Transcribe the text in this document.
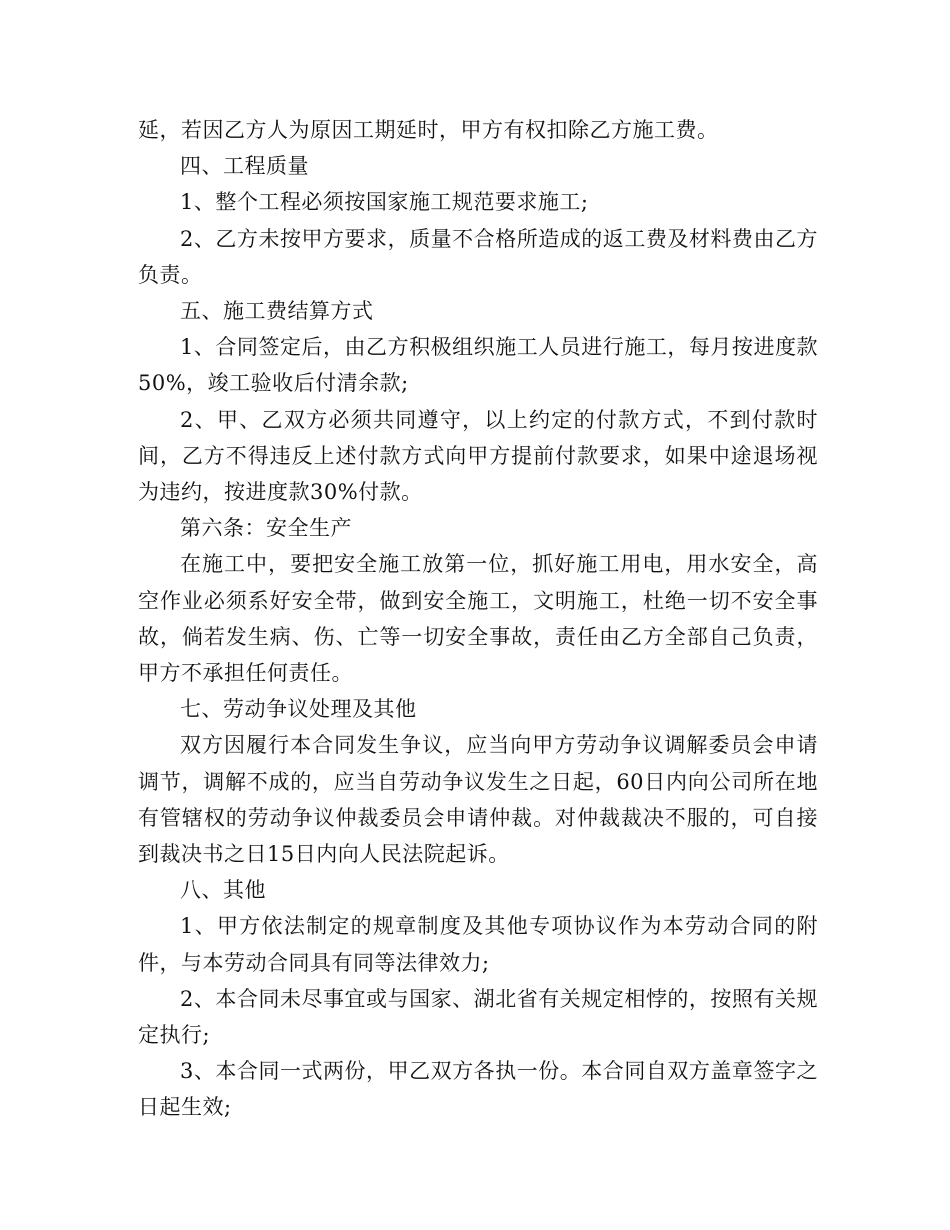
延，若因乙方人为原因工期延时，甲方有权扣除乙方施工费。

四、工程质量

1、整个工程必须按国家施工规范要求施工;

2、乙方未按甲方要求，质量不合格所造成的返工费及材料费由乙方负责。

五、施工费结算方式

1、合同签定后，由乙方积极组织施工人员进行施工，每月按进度款50%，竣工验收后付清余款;

2、甲、乙双方必须共同遵守，以上约定的付款方式，不到付款时间，乙方不得违反上述付款方式向甲方提前付款要求，如果中途退场视为违约，按进度款30%付款。

第六条：安全生产

在施工中，要把安全施工放第一位，抓好施工用电，用水安全，高空作业必须系好安全带，做到安全施工，文明施工，杜绝一切不安全事故，倘若发生病、伤、亡等一切安全事故，责任由乙方全部自己负责，甲方不承担任何责任。

七、劳动争议处理及其他

双方因履行本合同发生争议，应当向甲方劳动争议调解委员会申请调节，调解不成的，应当自劳动争议发生之日起，60日内向公司所在地有管辖权的劳动争议仲裁委员会申请仲裁。对仲裁裁决不服的，可自接到裁决书之日15日内向人民法院起诉。

八、其他

1、甲方依法制定的规章制度及其他专项协议作为本劳动合同的附件，与本劳动合同具有同等法律效力;

2、本合同未尽事宜或与国家、湖北省有关规定相悖的，按照有关规定执行;

3、本合同一式两份，甲乙双方各执一份。本合同自双方盖章签字之日起生效;
